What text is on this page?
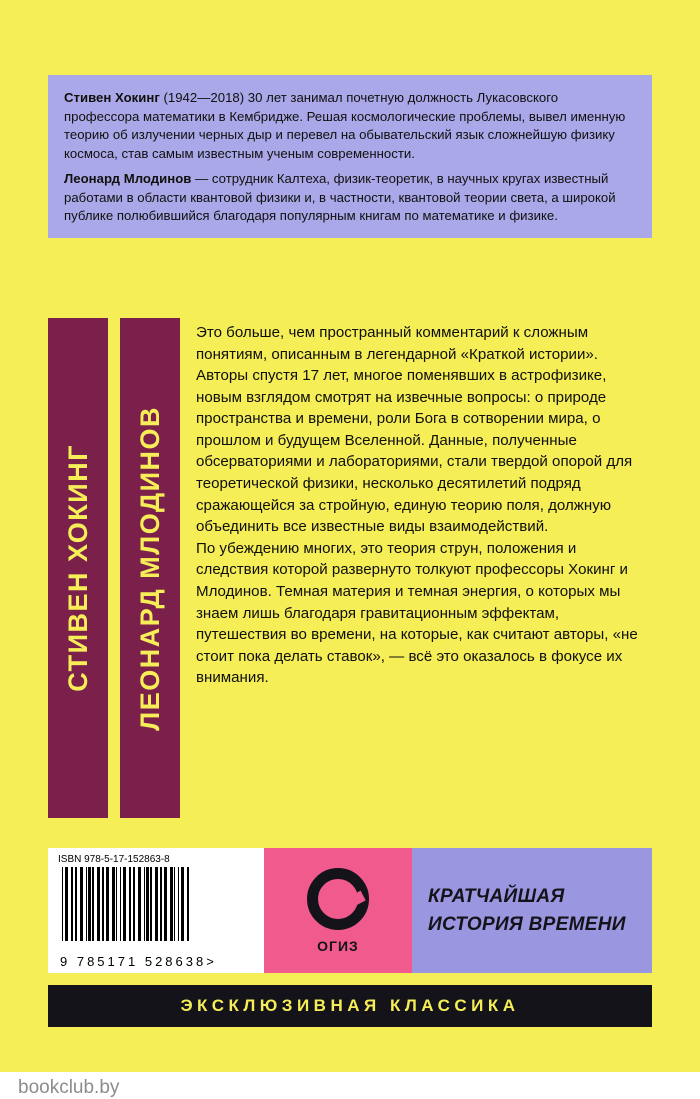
Стивен Хокинг (1942—2018) 30 лет занимал почетную должность Лукасовского профессора математики в Кембридже. Решая космологические проблемы, вывел именную теорию об излучении черных дыр и перевел на обывательский язык сложнейшую физику космоса, став самым известным ученым современности.

Леонард Млодинов — сотрудник Калтеха, физик-теоретик, в научных кругах известный работами в области квантовой физики и, в частности, квантовой теории света, а широкой публике полюбившийся благодаря популярным книгам по математике и физике.

СТИВЕН ХОКИНГ ЛЕОНАРД МЛОДИНОВ

Это больше, чем пространный комментарий к сложным понятиям, описанным в легендарной «Краткой истории». Авторы спустя 17 лет, многое поменявших в астрофизике, новым взглядом смотрят на извечные вопросы: о природе пространства и времени, роли Бога в сотворении мира, о прошлом и будущем Вселенной. Данные, полученные обсерваториями и лабораториями, стали твердой опорой для теоретической физики, несколько десятилетий подряд сражающейся за стройную, единую теорию поля, должную объединить все известные виды взаимодействий.

По убеждению многих, это теория струн, положения и следствия которой развернуто толкуют профессоры Хокинг и Млодинов. Темная материя и темная энергия, о которых мы знаем лишь благодаря гравитационным эффектам, путешествия во времени, на которые, как считают авторы, «не стоит пока делать ставок», — всё это оказалось в фокусе их внимания.

ISBN 978-5-17-152863-8
9 785171 528638>
ОГИЗ
КРАТЧАЙШАЯ
ИСТОРИЯ ВРЕМЕНИ
ЭКСКЛЮЗИВНАЯ КЛАССИКА
bookclub.by
